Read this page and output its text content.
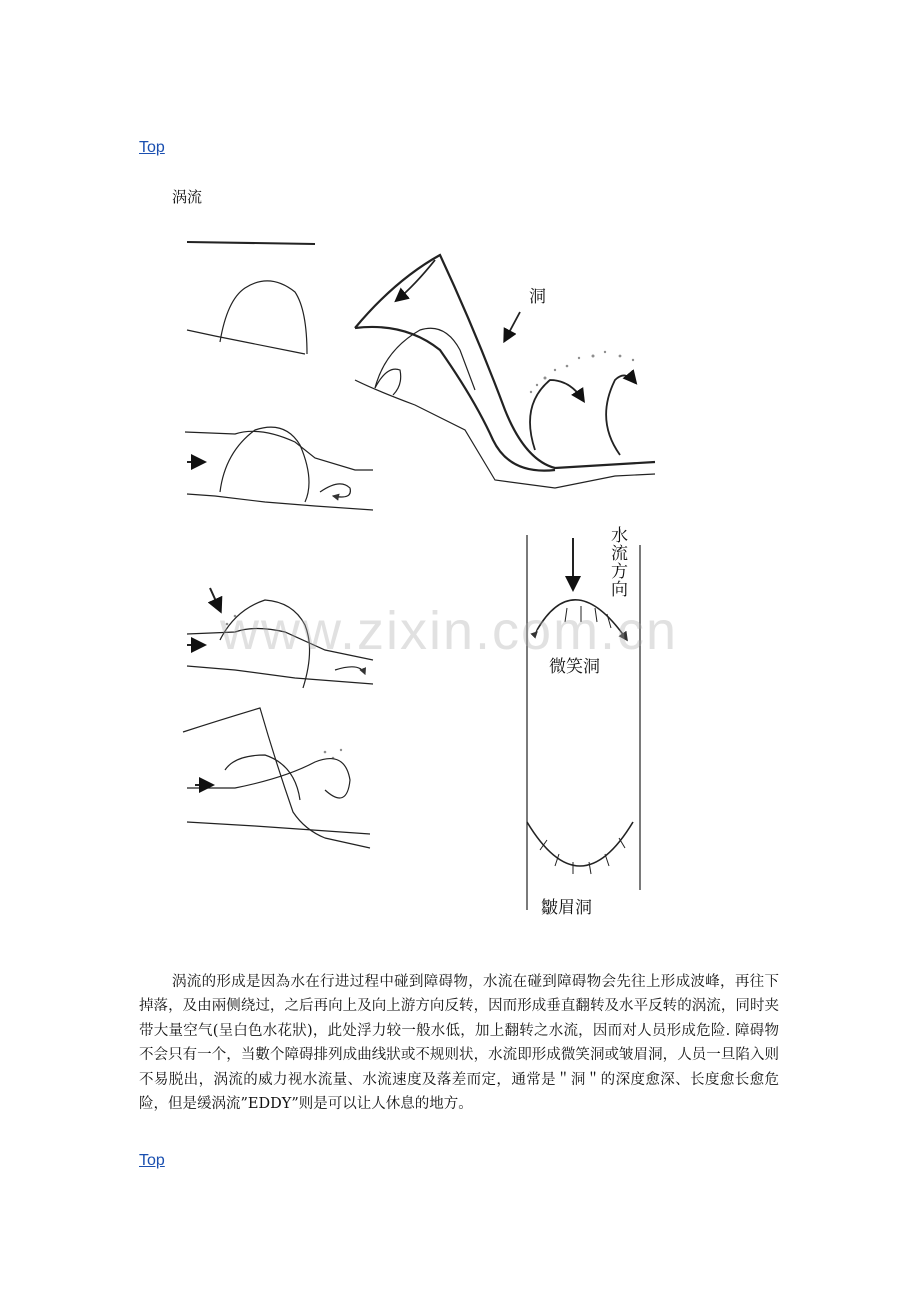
Top
涡流
洞
水流方向
微笑洞
皺眉洞
www.zixin.com.cn

涡流的形成是因為水在行进过程中碰到障碍物，水流在碰到障碍物会先往上形成波峰，再往下掉落，及由兩侧绕过，之后再向上及向上游方向反转，因而形成垂直翻转及水平反转的涡流，同时夹带大量空气(呈白色水花狀)，此处浮力较一般水低，加上翻转之水流，因而对人员形成危险. 障碍物不会只有一个，当數个障碍排列成曲线狀或不规则状，水流即形成微笑洞或皱眉洞，人员一旦陷入则不易脱出，涡流的威力视水流量、水流速度及落差而定，通常是＂洞＂的深度愈深、长度愈长愈危险，但是缓涡流”EDDY”则是可以让人休息的地方。

Top
